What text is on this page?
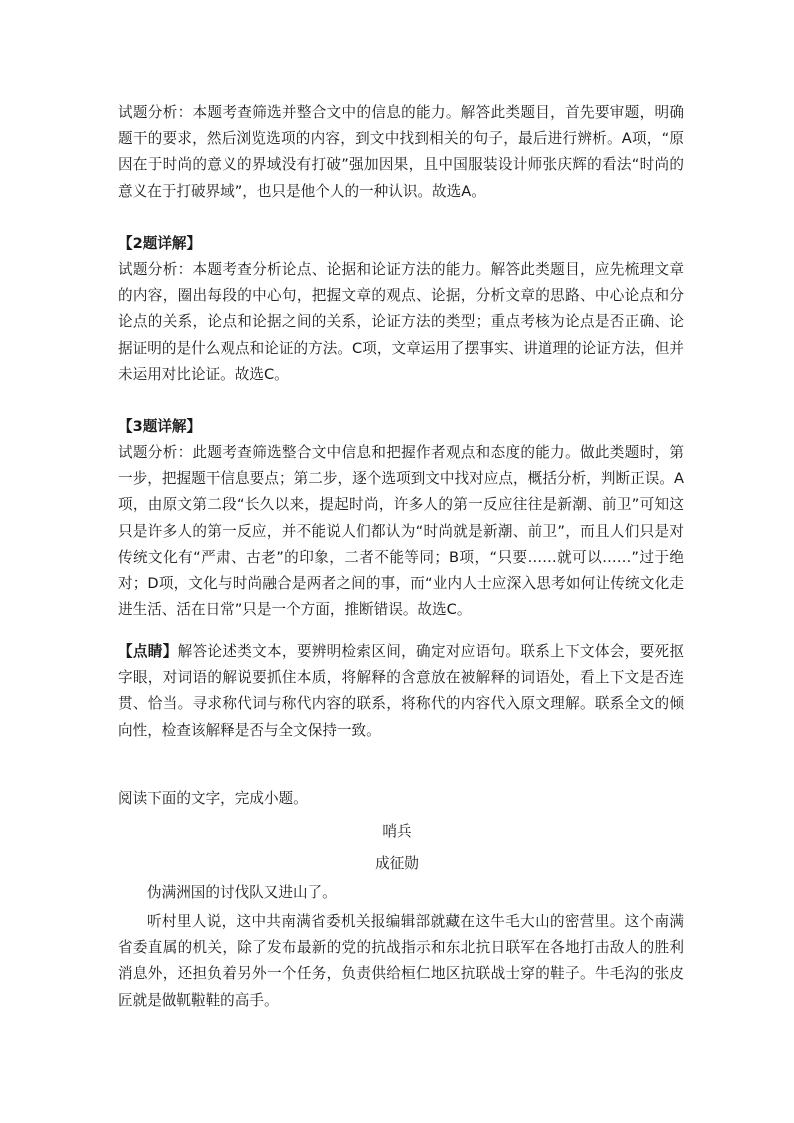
试题分析：本题考查筛选并整合文中的信息的能力。解答此类题目，首先要审题，明确题干的要求，然后浏览选项的内容，到文中找到相关的句子，最后进行辨析。A项，“原因在于时尚的意义的界域没有打破”强加因果，且中国服装设计师张庆辉的看法“时尚的意义在于打破界域”，也只是他个人的一种认识。故选A。

【2题详解】

试题分析：本题考查分析论点、论据和论证方法的能力。解答此类题目，应先梳理文章的内容，圈出每段的中心句，把握文章的观点、论据，分析文章的思路、中心论点和分论点的关系，论点和论据之间的关系，论证方法的类型；重点考核为论点是否正确、论据证明的是什么观点和论证的方法。C项，文章运用了摆事实、讲道理的论证方法，但并未运用对比论证。故选C。

【3题详解】

试题分析：此题考查筛选整合文中信息和把握作者观点和态度的能力。做此类题时，第一步，把握题干信息要点；第二步，逐个选项到文中找对应点，概括分析，判断正误。A项，由原文第二段“长久以来，提起时尚，许多人的第一反应往往是新潮、前卫”可知这只是许多人的第一反应，并不能说人们都认为“时尚就是新潮、前卫”，而且人们只是对传统文化有“严肃、古老”的印象，二者不能等同；B项，“只要……就可以……”过于绝对；D项，文化与时尚融合是两者之间的事，而“业内人士应深入思考如何让传统文化走进生活、活在日常”只是一个方面，推断错误。故选C。

【点睛】解答论述类文本，要辨明检索区间，确定对应语句。联系上下文体会，要死抠字眼，对词语的解说要抓住本质，将解释的含意放在被解释的词语处，看上下文是否连贯、恰当。寻求称代词与称代内容的联系，将称代的内容代入原文理解。联系全文的倾向性，检查该解释是否与全文保持一致。

阅读下面的文字，完成小题。

哨兵

成征勋

伪满洲国的讨伐队又进山了。

听村里人说，这中共南满省委机关报编辑部就藏在这牛毛大山的密营里。这个南满省委直属的机关，除了发布最新的党的抗战指示和东北抗日联军在各地打击敌人的胜利消息外，还担负着另外一个任务，负责供给桓仁地区抗联战士穿的鞋子。牛毛沟的张皮匠就是做靰鞡鞋的高手。
